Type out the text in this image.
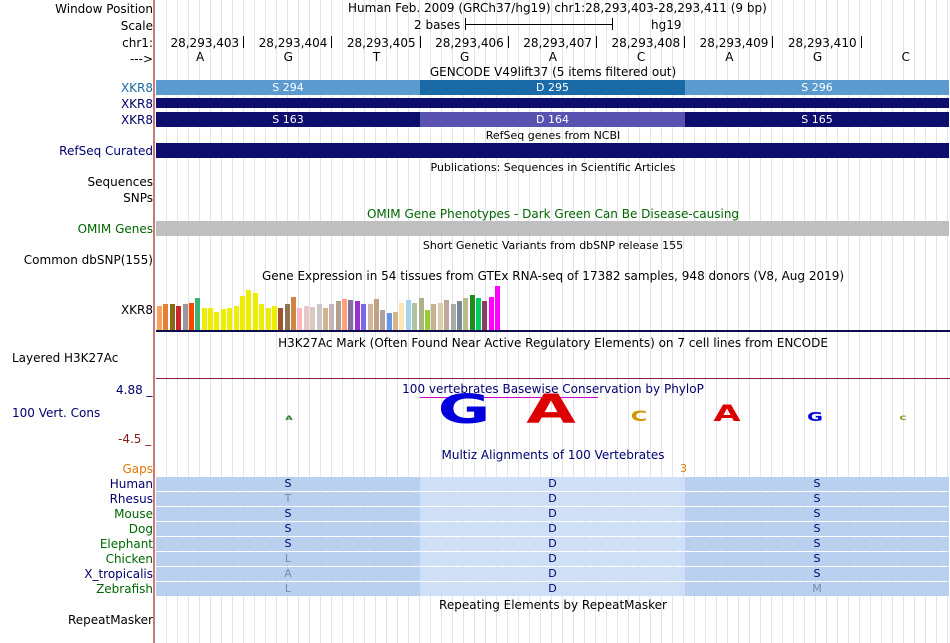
Window Position
Scale
chr1:
--->
Human Feb. 2009 (GRCh37/hg19) chr1:28,293,403-28,293,411 (9 bp)
2 bases	hg19
28,293,403	28,293,404	28,293,405	28,293,406	28,293,407	28,293,408	28,293,409	28,293,410
A	G	T	G	A	C	A	G	C
GENCODE V49lift37 (5 items filtered out)
XKR8	S 294	D 295	S 296
XKR8
XKR8	S 163	D 164	S 165
RefSeq genes from NCBI
RefSeq Curated
Publications: Sequences in Scientific Articles
Sequences
SNPs
OMIM Gene Phenotypes - Dark Green Can Be Disease-causing
OMIM Genes
Short Genetic Variants from dbSNP release 155
Common dbSNP(155)
Gene Expression in 54 tissues from GTEx RNA-seq of 17382 samples, 948 donors (V8, Aug 2019)
XKR8
H3K27Ac Mark (Often Found Near Active Regulatory Elements) on 7 cell lines from ENCODE
Layered H3K27Ac
100 vertebrates Basewise Conservation by PhyloP
4.88 _
100 Vert. Cons
-4.5 _
A	G A	C	A	G	C
Multiz Alignments of 100 Vertebrates
Gaps	3
Human	S	D	S
Rhesus	T	D	S
Mouse	S	D	S
Dog	S	D	S
Elephant	S	D	S
Chicken	L	D	S
X_tropicalis	A	D	S
Zebrafish	L	D	M
Repeating Elements by RepeatMasker
RepeatMasker
